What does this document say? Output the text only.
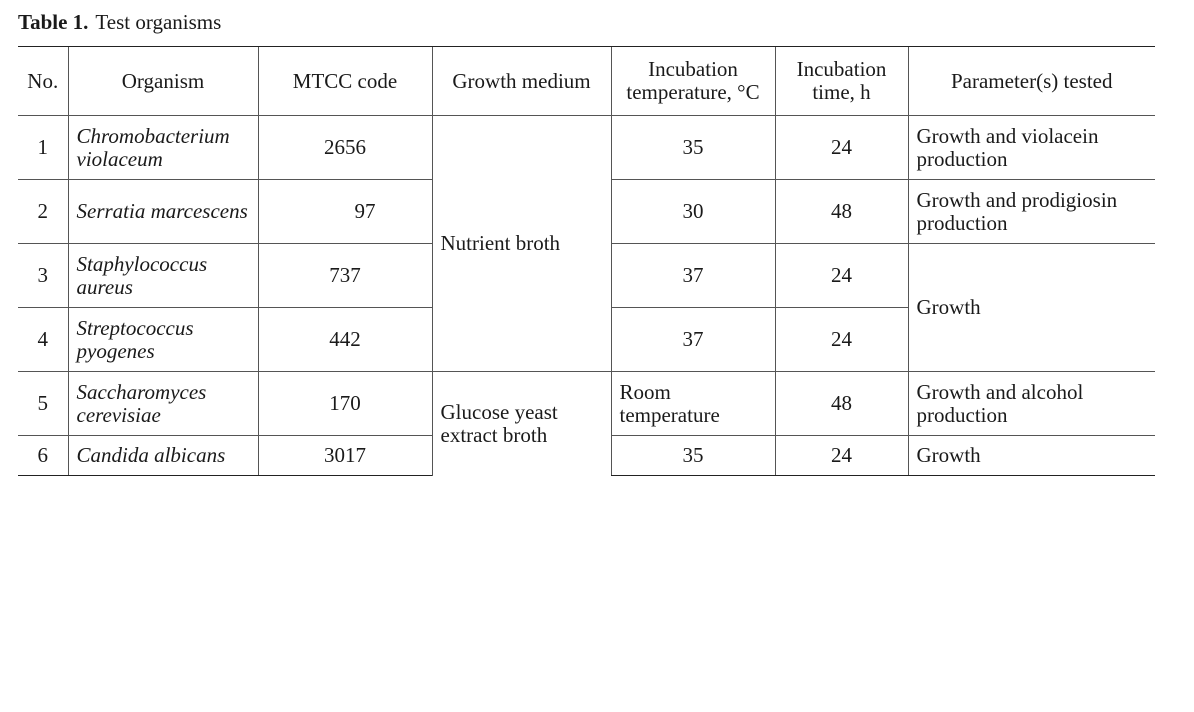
Table 1. Test organisms
No.	Organism	MTCC code	Growth medium	Incubation temperature, °C	Incubation time, h	Parameter(s) tested
1	Chromobacterium violaceum	2656	Nutrient broth	35	24	Growth and violacein production
2	Serratia marcescens	97		30	48	Growth and prodigiosin production
3	Staphylococcus aureus	737		37	24	Growth
4	Streptococcus pyogenes	442		37	24	
5	Saccharomyces cerevisiae	170	Glucose yeast extract broth	Room temperature	48	Growth and alcohol production
6	Candida albicans	3017		35	24	Growth
